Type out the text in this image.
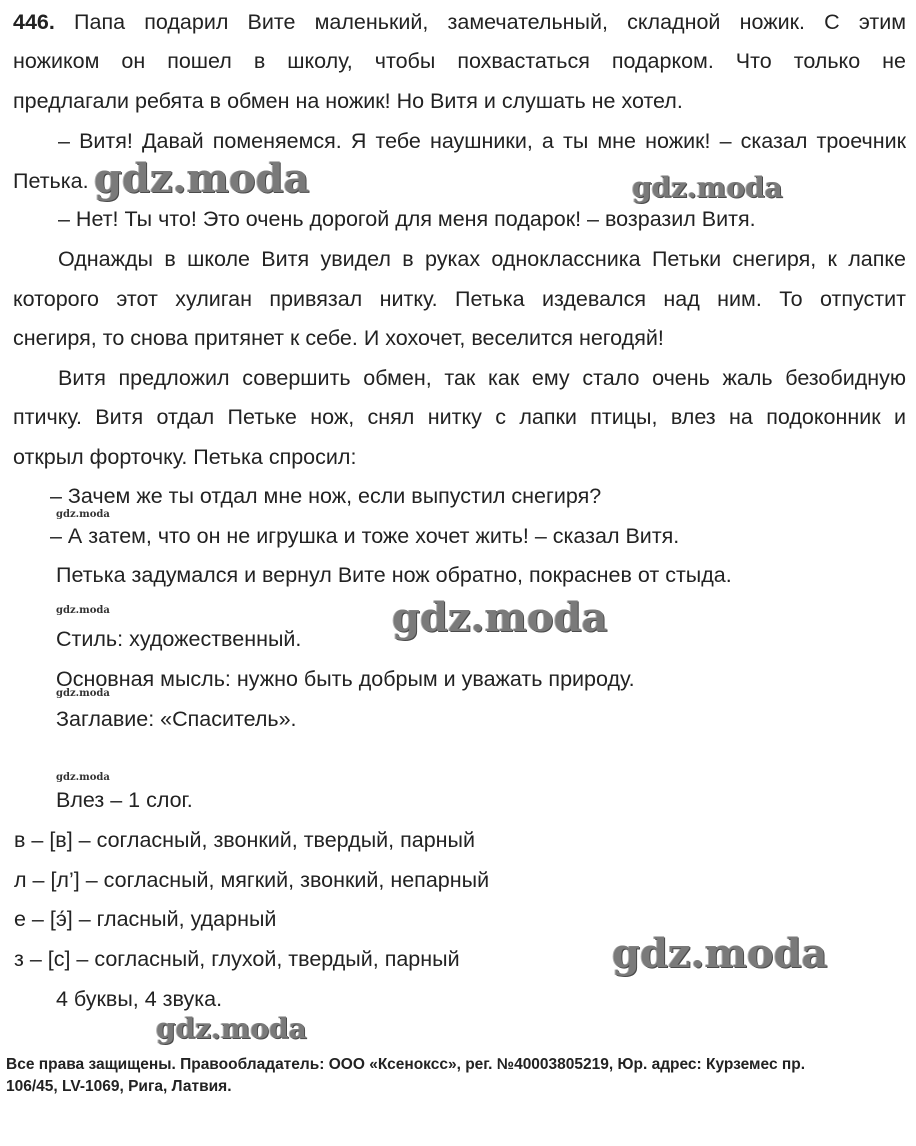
446. Папа подарил Вите маленький, замечательный, складной ножик. С этим
ножиком он пошел в школу, чтобы похвастаться подарком. Что только не
предлагали ребята в обмен на ножик! Но Витя и слушать не хотел.
– Витя! Давай поменяемся. Я тебе наушники, а ты мне ножик! – сказал троечник
Петька.
– Нет! Ты что! Это очень дорогой для меня подарок! – возразил Витя.
Однажды в школе Витя увидел в руках одноклассника Петьки снегиря, к лапке
которого этот хулиган привязал нитку. Петька издевался над ним. То отпустит
снегиря, то снова притянет к себе. И хохочет, веселится негодяй!
Витя предложил совершить обмен, так как ему стало очень жаль безобидную
птичку. Витя отдал Петьке нож, снял нитку с лапки птицы, влез на подоконник и
открыл форточку. Петька спросил:
– Зачем же ты отдал мне нож, если выпустил снегиря?
– А затем, что он не игрушка и тоже хочет жить! – сказал Витя.
Петька задумался и вернул Вите нож обратно, покраснев от стыда.
Стиль: художественный.
Основная мысль: нужно быть добрым и уважать природу.
Заглавие: «Спаситель».
Влез – 1 слог.
в – [в] – согласный, звонкий, твердый, парный
л – [л’] – согласный, мягкий, звонкий, непарный
е – [э́] – гласный, ударный
з – [с] – согласный, глухой, твердый, парный
4 буквы, 4 звука.
gdz.moda	gdz.moda
gdz.moda
gdz.moda	gdz.moda
gdz.moda
gdz.moda
gdz.moda
gdz.moda
Все права защищены. Правообладатель: ООО «Ксеноксс», рег. №40003805219, Юр. адрес: Курземес пр.
106/45, LV-1069, Рига, Латвия.
